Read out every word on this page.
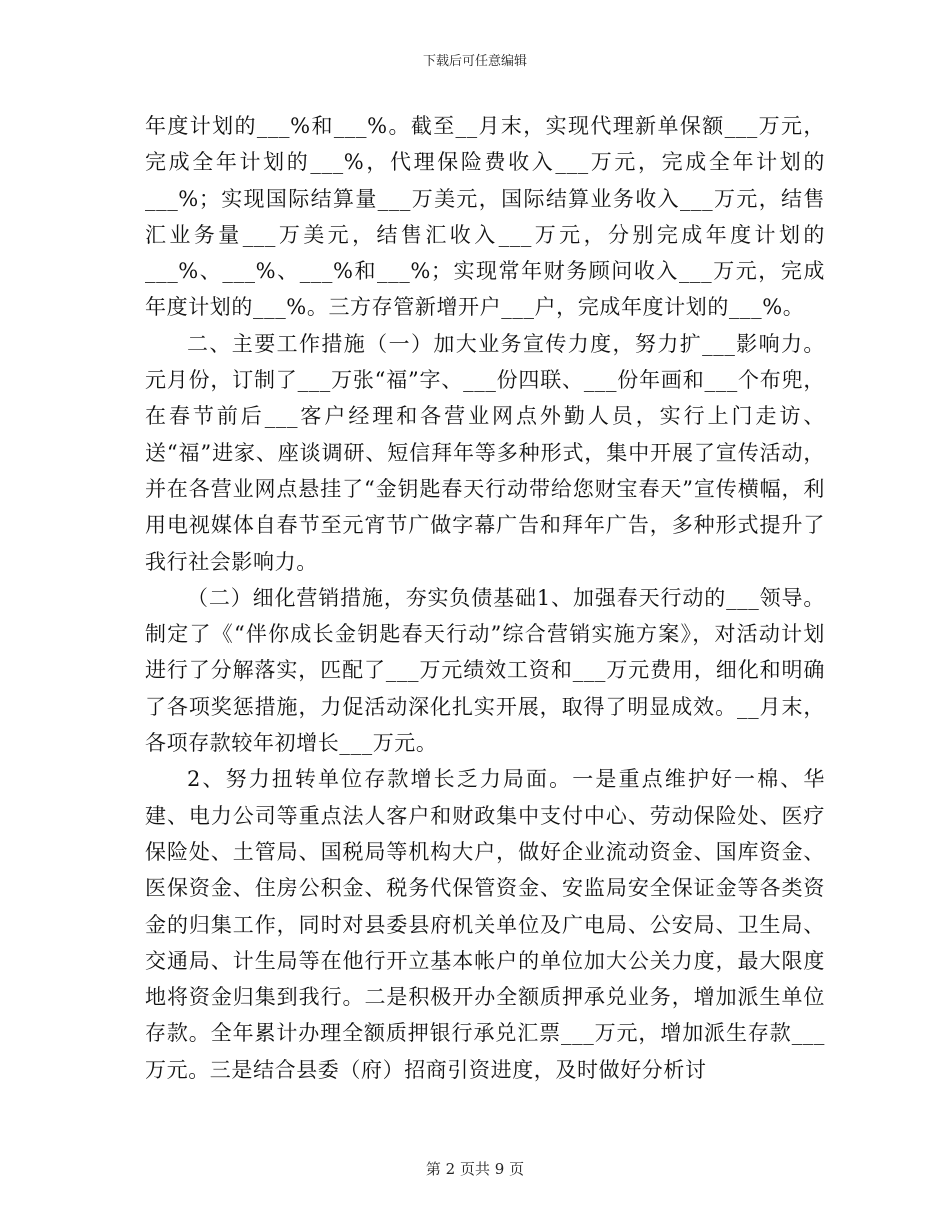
下载后可任意编辑

年度计划的___%和___%。截至__月末，实现代理新单保额___万元，完成全年计划的___%，代理保险费收入___万元，完成全年计划的___%；实现国际结算量___万美元，国际结算业务收入___万元，结售汇业务量___万美元，结售汇收入___万元，分别完成年度计划的___%、___%、___%和___%；实现常年财务顾问收入___万元，完成年度计划的___%。三方存管新增开户___户，完成年度计划的___%。

二、主要工作措施（一）加大业务宣传力度，努力扩___影响力。元月份，订制了___万张“福”字、___份四联、___份年画和___个布兜，在春节前后___客户经理和各营业网点外勤人员，实行上门走访、送“福”进家、座谈调研、短信拜年等多种形式，集中开展了宣传活动，并在各营业网点悬挂了“金钥匙春天行动带给您财宝春天”宣传横幅，利用电视媒体自春节至元宵节广做字幕广告和拜年广告，多种形式提升了我行社会影响力。

（二）细化营销措施，夯实负债基础1、加强春天行动的___领导。制定了《“伴你成长金钥匙春天行动”综合营销实施方案》，对活动计划进行了分解落实，匹配了___万元绩效工资和___万元费用，细化和明确了各项奖惩措施，力促活动深化扎实开展，取得了明显成效。__月末，各项存款较年初增长___万元。

2、努力扭转单位存款增长乏力局面。一是重点维护好一棉、华建、电力公司等重点法人客户和财政集中支付中心、劳动保险处、医疗保险处、土管局、国税局等机构大户，做好企业流动资金、国库资金、医保资金、住房公积金、税务代保管资金、安监局安全保证金等各类资金的归集工作，同时对县委县府机关单位及广电局、公安局、卫生局、交通局、计生局等在他行开立基本帐户的单位加大公关力度，最大限度地将资金归集到我行。二是积极开办全额质押承兑业务，增加派生单位存款。全年累计办理全额质押银行承兑汇票___万元，增加派生存款___万元。三是结合县委（府）招商引资进度，及时做好分析讨

第 2 页共 9 页
